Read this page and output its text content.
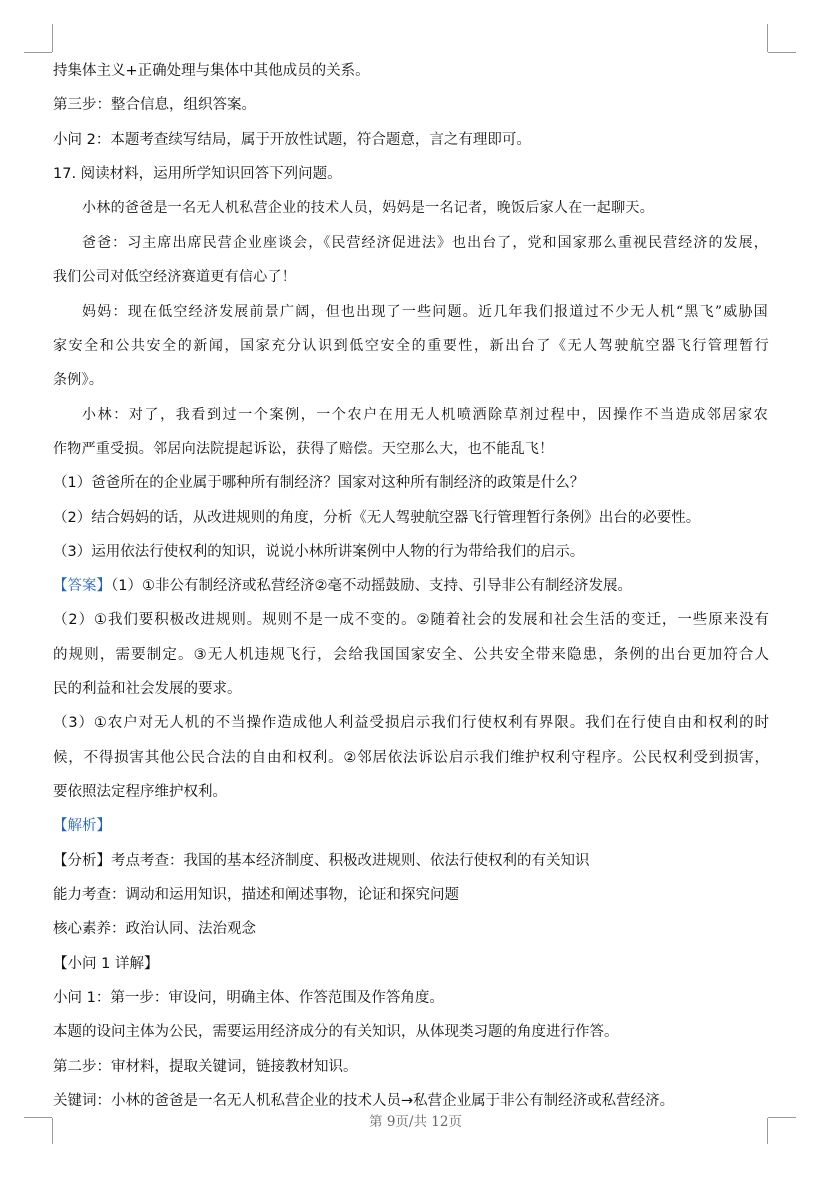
持集体主义+正确处理与集体中其他成员的关系。
第三步：整合信息，组织答案。
小问 2：本题考查续写结局，属于开放性试题，符合题意，言之有理即可。
17. 阅读材料，运用所学知识回答下列问题。
小林的爸爸是一名无人机私营企业的技术人员，妈妈是一名记者，晚饭后家人在一起聊天。
爸爸：习主席出席民营企业座谈会，《民营经济促进法》也出台了，党和国家那么重视民营经济的发展，
我们公司对低空经济赛道更有信心了！
妈妈：现在低空经济发展前景广阔，但也出现了一些问题。近几年我们报道过不少无人机“黑飞”威胁国
家安全和公共安全的新闻，国家充分认识到低空安全的重要性，新出台了《无人驾驶航空器飞行管理暂行
条例》。
小林：对了，我看到过一个案例，一个农户在用无人机喷洒除草剂过程中，因操作不当造成邻居家农
作物严重受损。邻居向法院提起诉讼，获得了赔偿。天空那么大，也不能乱飞！
（1）爸爸所在的企业属于哪种所有制经济？国家对这种所有制经济的政策是什么？
（2）结合妈妈的话，从改进规则的角度，分析《无人驾驶航空器飞行管理暂行条例》出台的必要性。
（3）运用依法行使权利的知识，说说小林所讲案例中人物的行为带给我们的启示。
【答案】（1）①非公有制经济或私营经济②毫不动摇鼓励、支持、引导非公有制经济发展。
（2）①我们要积极改进规则。规则不是一成不变的。②随着社会的发展和社会生活的变迁，一些原来没有
的规则，需要制定。③无人机违规飞行，会给我国国家安全、公共安全带来隐患，条例的出台更加符合人
民的利益和社会发展的要求。
（3）①农户对无人机的不当操作造成他人利益受损启示我们行使权利有界限。我们在行使自由和权利的时
候，不得损害其他公民合法的自由和权利。②邻居依法诉讼启示我们维护权利守程序。公民权利受到损害，
要依照法定程序维护权利。
【解析】
【分析】考点考查：我国的基本经济制度、积极改进规则、依法行使权利的有关知识
能力考查：调动和运用知识，描述和阐述事物，论证和探究问题
核心素养：政治认同、法治观念
【小问 1 详解】
小问 1：第一步：审设问，明确主体、作答范围及作答角度。
本题的设问主体为公民，需要运用经济成分的有关知识，从体现类习题的角度进行作答。
第二步：审材料，提取关键词，链接教材知识。
关键词：小林的爸爸是一名无人机私营企业的技术人员→私营企业属于非公有制经济或私营经济。
第 9页/共 12页
